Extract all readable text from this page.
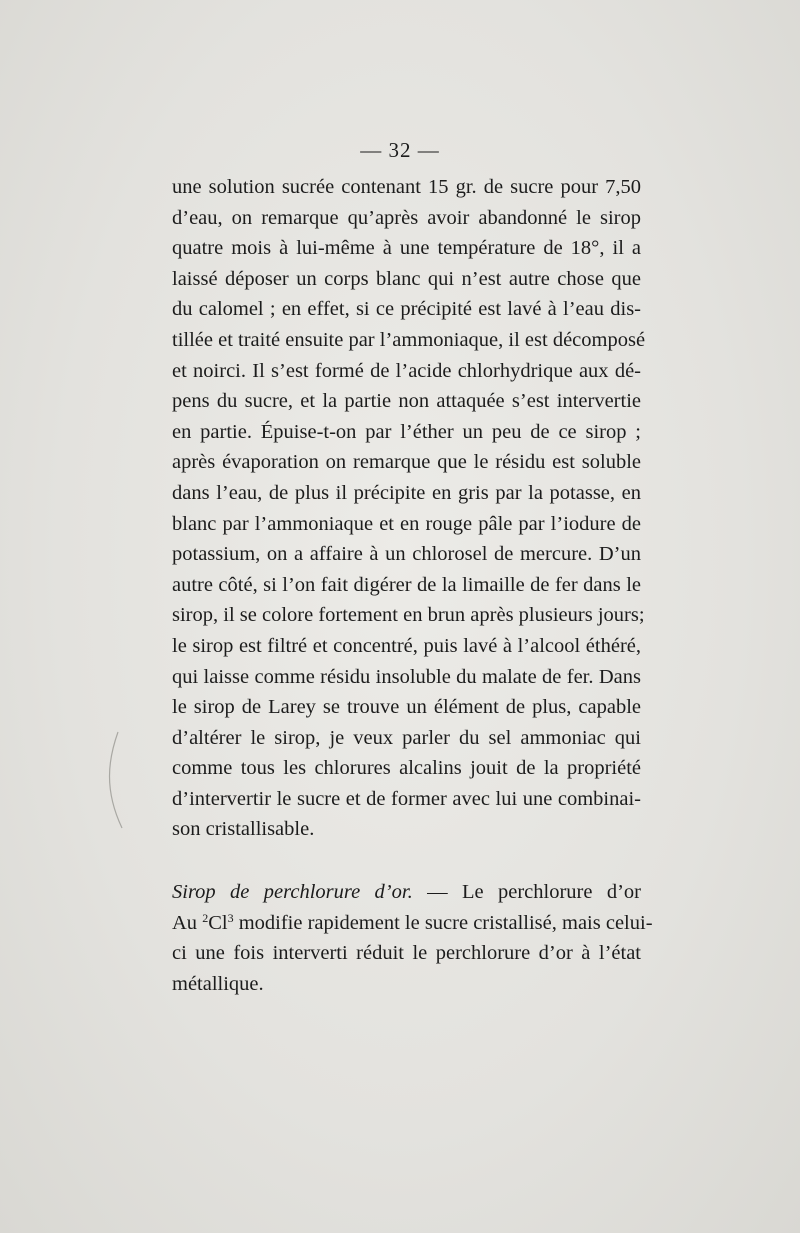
— 32 —
une solution sucrée contenant 15 gr. de sucre pour 7,50
d’eau, on remarque qu’après avoir abandonné le sirop
quatre mois à lui-même à une température de 18°, il a
laissé déposer un corps blanc qui n’est autre chose que
du calomel ; en effet, si ce précipité est lavé à l’eau dis-
tillée et traité ensuite par l’ammoniaque, il est décomposé
et noirci. Il s’est formé de l’acide chlorhydrique aux dé-
pens du sucre, et la partie non attaquée s’est intervertie
en partie. Épuise-t-on par l’éther un peu de ce sirop ;
après évaporation on remarque que le résidu est soluble
dans l’eau, de plus il précipite en gris par la potasse, en
blanc par l’ammoniaque et en rouge pâle par l’iodure de
potassium, on a affaire à un chlorosel de mercure. D’un
autre côté, si l’on fait digérer de la limaille de fer dans le
sirop, il se colore fortement en brun après plusieurs jours;
le sirop est filtré et concentré, puis lavé à l’alcool éthéré,
qui laisse comme résidu insoluble du malate de fer. Dans
le sirop de Larey se trouve un élément de plus, capable
d’altérer le sirop, je veux parler du sel ammoniac qui
comme tous les chlorures alcalins jouit de la propriété
d’intervertir le sucre et de former avec lui une combinai-
son cristallisable.
Sirop de perchlorure d’or. — Le perchlorure d’or
Au $^2$Cl$^3$ modifie rapidement le sucre cristallisé, mais celui-
ci une fois interverti réduit le perchlorure d’or à l’état
métallique.
